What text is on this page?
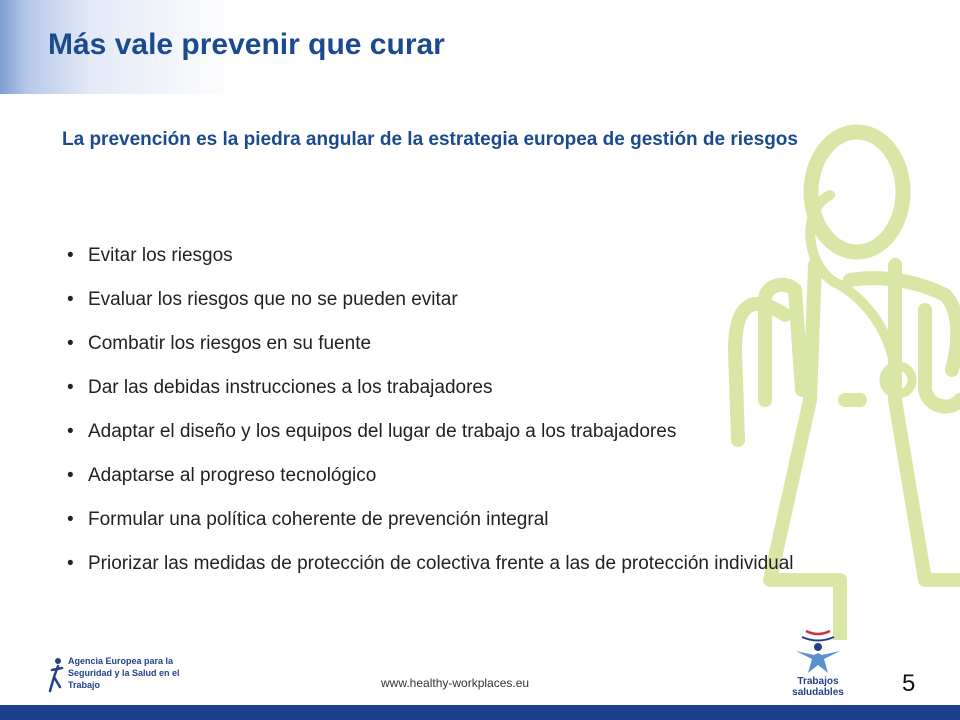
Más vale prevenir que curar

La prevención es la piedra angular de la estrategia europea de gestión de riesgos

• Evitar los riesgos
• Evaluar los riesgos que no se pueden evitar
• Combatir los riesgos en su fuente
• Dar las debidas instrucciones a los trabajadores
• Adaptar el diseño y los equipos del lugar de trabajo a los trabajadores
• Adaptarse al progreso tecnológico
• Formular una política coherente de prevención integral
• Priorizar las medidas de protección de colectiva frente a las de protección individual
Agencia Europea para la Seguridad y la Salud en el Trabajo	www.healthy-workplaces.eu	Trabajos saludables	5
